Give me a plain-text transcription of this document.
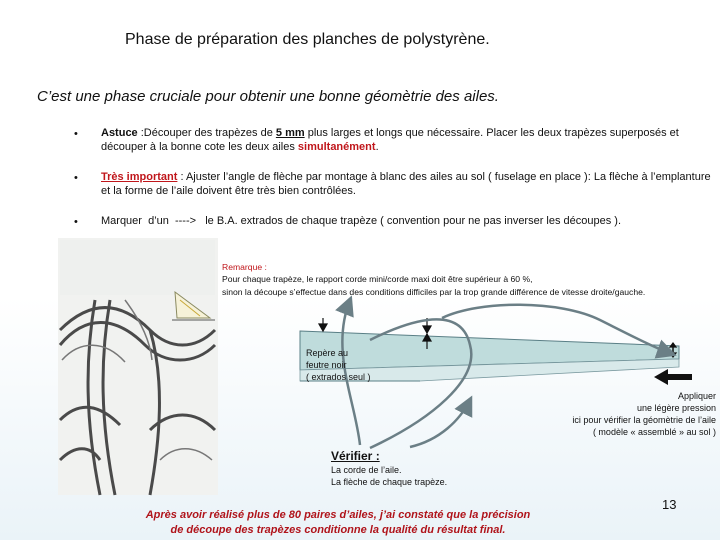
Phase de préparation des planches de polystyrène.
C’est une phase cruciale pour obtenir une bonne géomètrie des ailes.
• Astuce :Découper des trapèzes de 5 mm plus larges et longs que nécessaire. Placer les deux trapèzes superposés et découper à la bonne cote les deux ailes simultanément.
• Très important : Ajuster l’angle de flèche par montage à blanc des ailes au sol ( fuselage en place ): La flèche à l’emplanture et la forme de l’aile doivent être très bien contrôlées.
• Marquer  d’un  ---->   le B.A. extrados de chaque trapèze ( convention pour ne pas inverser les découpes ).
Remarque :
Pour chaque trapèze, le rapport corde mini/corde maxi doit être supérieur à 60 %,
sinon la découpe s’effectue dans des conditions difficiles par la trop grande différence de vitesse droite/gauche.
Repère au
feutre noir
( extrados seul )
Appliquer
une légère pression
ici pour vérifier la géomètrie de l’aile
( modèle « assemblé » au sol )
Vérifier :
La corde de l’aile.
La flèche de chaque trapèze.
Après avoir réalisé plus de 80 paires d’ailes, j’ai constaté que la précision
de découpe des trapèzes conditionne la qualité du résultat final.
13
